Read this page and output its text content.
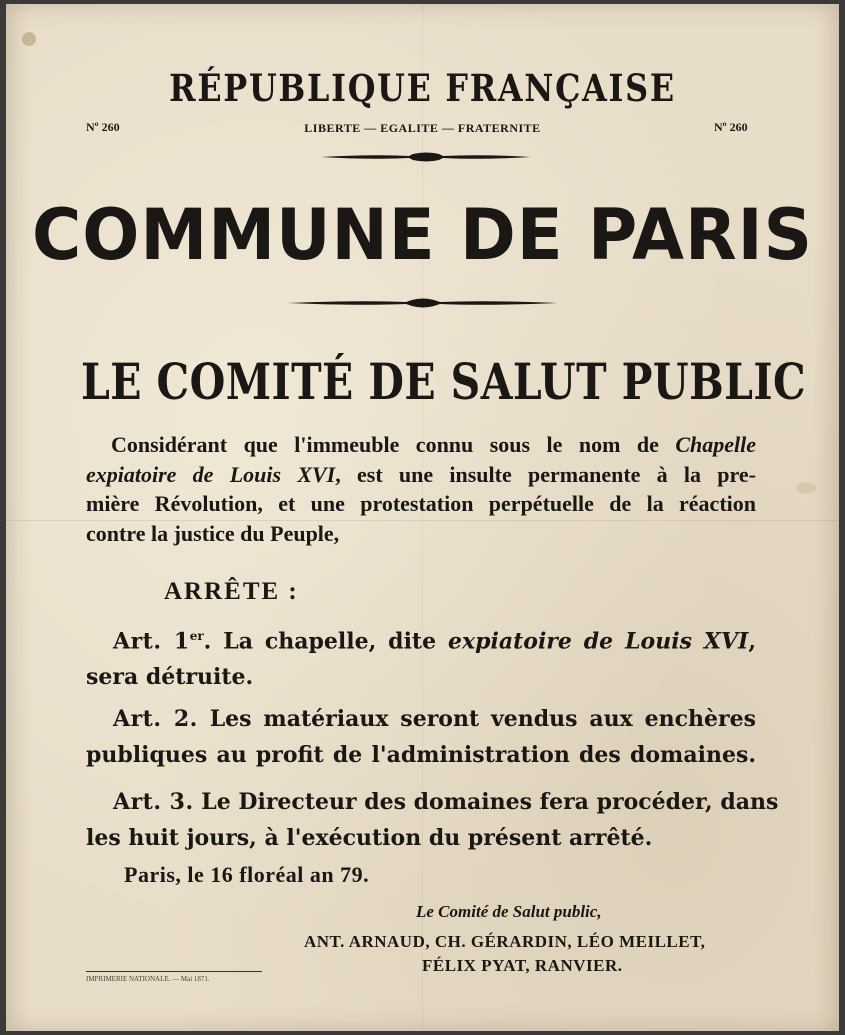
RÉPUBLIQUE FRANÇAISE
Nº 260	LIBERTE — EGALITE — FRATERNITE	Nº 260
COMMUNE DE PARIS
LE COMITÉ DE SALUT PUBLIC
Considérant que l'immeuble connu sous le nom de Chapelle
expiatoire de Louis XVI, est une insulte permanente à la pre-
mière Révolution, et une protestation perpétuelle de la réaction
contre la justice du Peuple,
ARRÊTE :
Art. 1er. La chapelle, dite expiatoire de Louis XVI,
sera détruite.
Art. 2. Les matériaux seront vendus aux enchères
publiques au profit de l'administration des domaines.
Art. 3. Le Directeur des domaines fera procéder, dans
les huit jours, à l'exécution du présent arrêté.
Paris, le 16 floréal an 79.
Le Comité de Salut public,
ANT. ARNAUD, CH. GÉRARDIN, LÉO MEILLET,
FÉLIX PYAT, RANVIER.
IMPRIMERIE NATIONALE. — Mai 1871.
